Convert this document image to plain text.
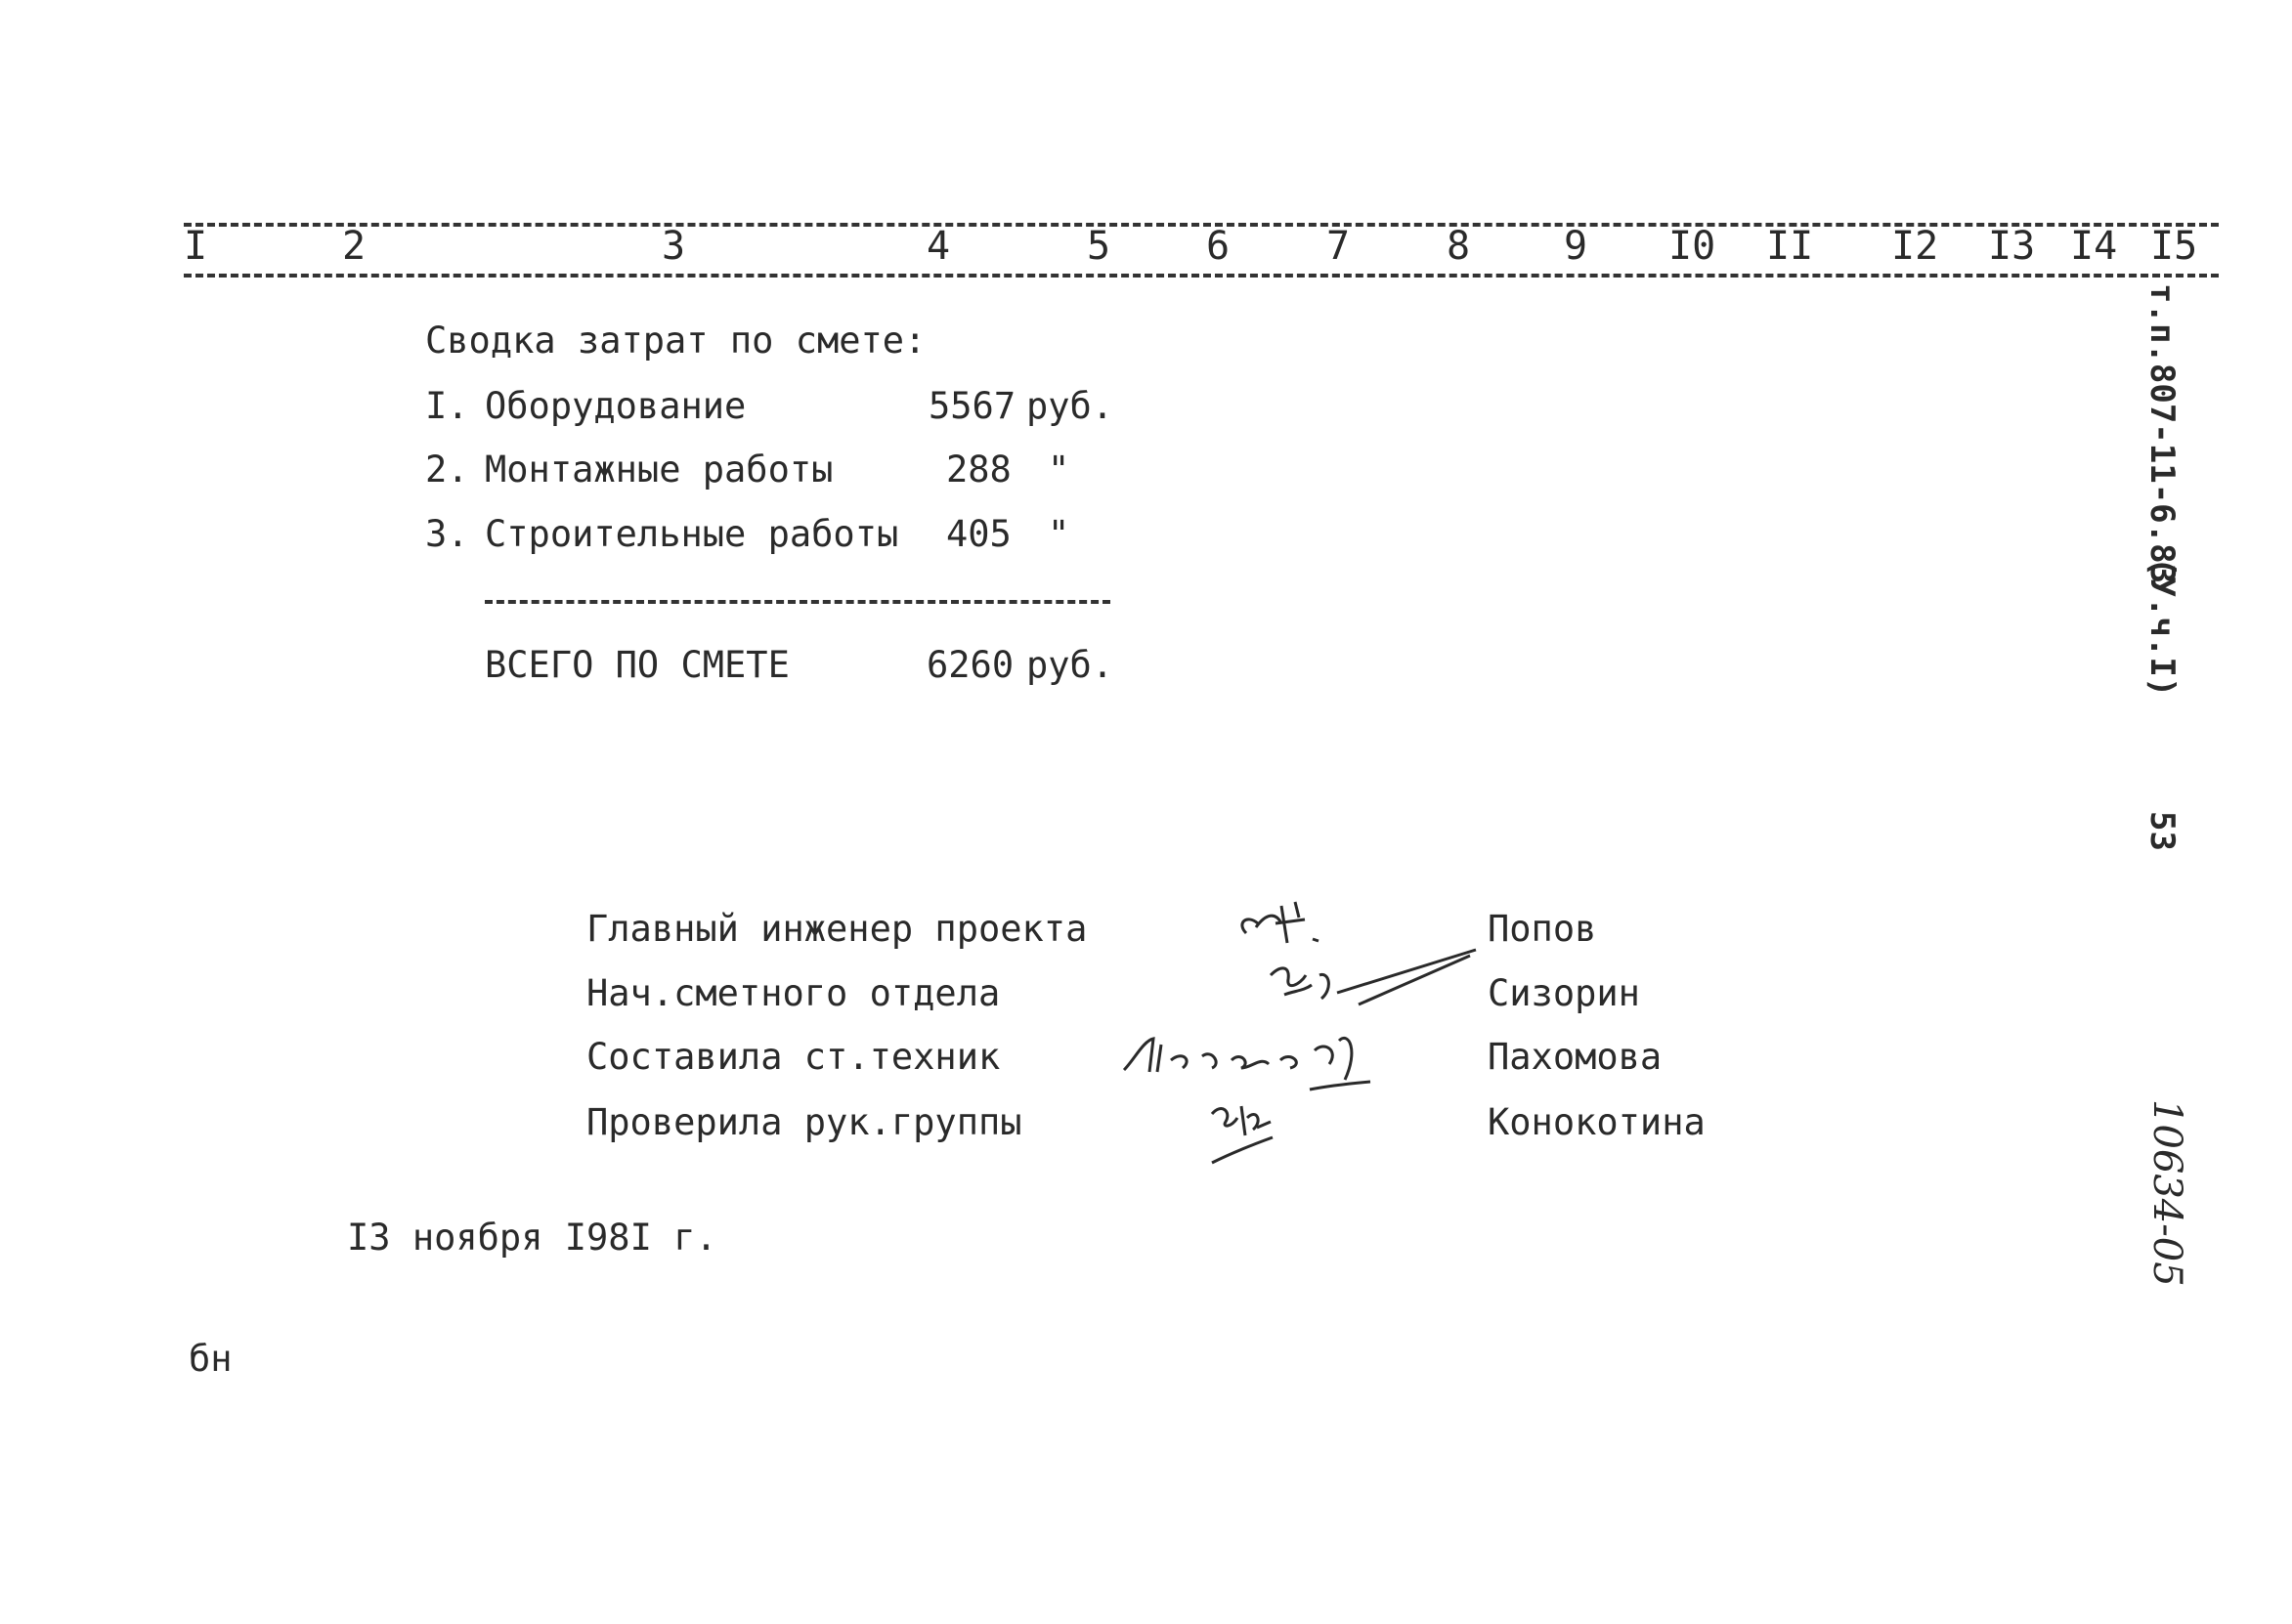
I	2	3	4	5 6 7 8 9 I0 II I2 I3 I4 I5
Сводка затрат по смете:
I. Оборудование	5567 руб.
2. Монтажные работы	288 "
3. Строительные работы 405 "
ВСЕГО ПО СМЕТЕ	6260 руб.
т.п.807-11-6.83
(У.ч.I)
53
10634-05
Главный инженер проекта	Попов
Нач.сметного отдела	Сизорин
Составила ст.техник	Пахомова
Проверила рук.группы	Конокотина
I3 ноября I98I г.
бн
